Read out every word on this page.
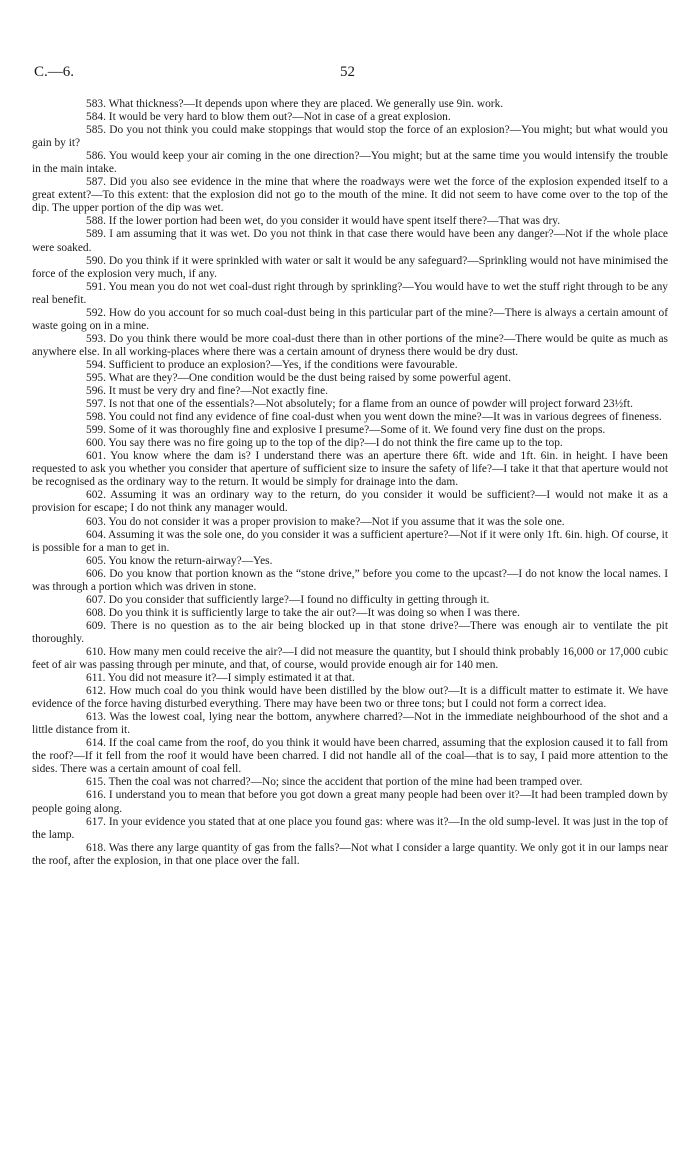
C.—6.	52

583. What thickness?—It depends upon where they are placed. We generally use 9in. work.

584. It would be very hard to blow them out?—Not in case of a great explosion.

585. Do you not think you could make stoppings that would stop the force of an explosion?—You might; but what would you gain by it?

586. You would keep your air coming in the one direction?—You might; but at the same time you would intensify the trouble in the main intake.

587. Did you also see evidence in the mine that where the roadways were wet the force of the explosion expended itself to a great extent?—To this extent: that the explosion did not go to the mouth of the mine. It did not seem to have come over to the top of the dip. The upper portion of the dip was wet.

588. If the lower portion had been wet, do you consider it would have spent itself there?—That was dry.

589. I am assuming that it was wet. Do you not think in that case there would have been any danger?—Not if the whole place were soaked.

590. Do you think if it were sprinkled with water or salt it would be any safeguard?—Sprinkling would not have minimised the force of the explosion very much, if any.

591. You mean you do not wet coal-dust right through by sprinkling?—You would have to wet the stuff right through to be any real benefit.

592. How do you account for so much coal-dust being in this particular part of the mine?—There is always a certain amount of waste going on in a mine.

593. Do you think there would be more coal-dust there than in other portions of the mine?—There would be quite as much as anywhere else. In all working-places where there was a certain amount of dryness there would be dry dust.

594. Sufficient to produce an explosion?—Yes, if the conditions were favourable.

595. What are they?—One condition would be the dust being raised by some powerful agent.

596. It must be very dry and fine?—Not exactly fine.

597. Is not that one of the essentials?—Not absolutely; for a flame from an ounce of powder will project forward 23½ft.

598. You could not find any evidence of fine coal-dust when you went down the mine?—It was in various degrees of fineness.

599. Some of it was thoroughly fine and explosive I presume?—Some of it. We found very fine dust on the props.

600. You say there was no fire going up to the top of the dip?—I do not think the fire came up to the top.

601. You know where the dam is? I understand there was an aperture there 6ft. wide and 1ft. 6in. in height. I have been requested to ask you whether you consider that aperture of sufficient size to insure the safety of life?—I take it that that aperture would not be recognised as the ordinary way to the return. It would be simply for drainage into the dam.

602. Assuming it was an ordinary way to the return, do you consider it would be sufficient?—I would not make it as a provision for escape; I do not think any manager would.

603. You do not consider it was a proper provision to make?—Not if you assume that it was the sole one.

604. Assuming it was the sole one, do you consider it was a sufficient aperture?—Not if it were only 1ft. 6in. high. Of course, it is possible for a man to get in.

605. You know the return-airway?—Yes.

606. Do you know that portion known as the “stone drive,” before you come to the upcast?—I do not know the local names. I was through a portion which was driven in stone.

607. Do you consider that sufficiently large?—I found no difficulty in getting through it.

608. Do you think it is sufficiently large to take the air out?—It was doing so when I was there.

609. There is no question as to the air being blocked up in that stone drive?—There was enough air to ventilate the pit thoroughly.

610. How many men could receive the air?—I did not measure the quantity, but I should think probably 16,000 or 17,000 cubic feet of air was passing through per minute, and that, of course, would provide enough air for 140 men.

611. You did not measure it?—I simply estimated it at that.

612. How much coal do you think would have been distilled by the blow out?—It is a difficult matter to estimate it. We have evidence of the force having disturbed everything. There may have been two or three tons; but I could not form a correct idea.

613. Was the lowest coal, lying near the bottom, anywhere charred?—Not in the immediate neighbourhood of the shot and a little distance from it.

614. If the coal came from the roof, do you think it would have been charred, assuming that the explosion caused it to fall from the roof?—If it fell from the roof it would have been charred. I did not handle all of the coal—that is to say, I paid more attention to the sides. There was a certain amount of coal fell.

615. Then the coal was not charred?—No; since the accident that portion of the mine had been tramped over.

616. I understand you to mean that before you got down a great many people had been over it?—It had been trampled down by people going along.

617. In your evidence you stated that at one place you found gas: where was it?—In the old sump-level. It was just in the top of the lamp.

618. Was there any large quantity of gas from the falls?—Not what I consider a large quantity. We only got it in our lamps near the roof, after the explosion, in that one place over the fall.
